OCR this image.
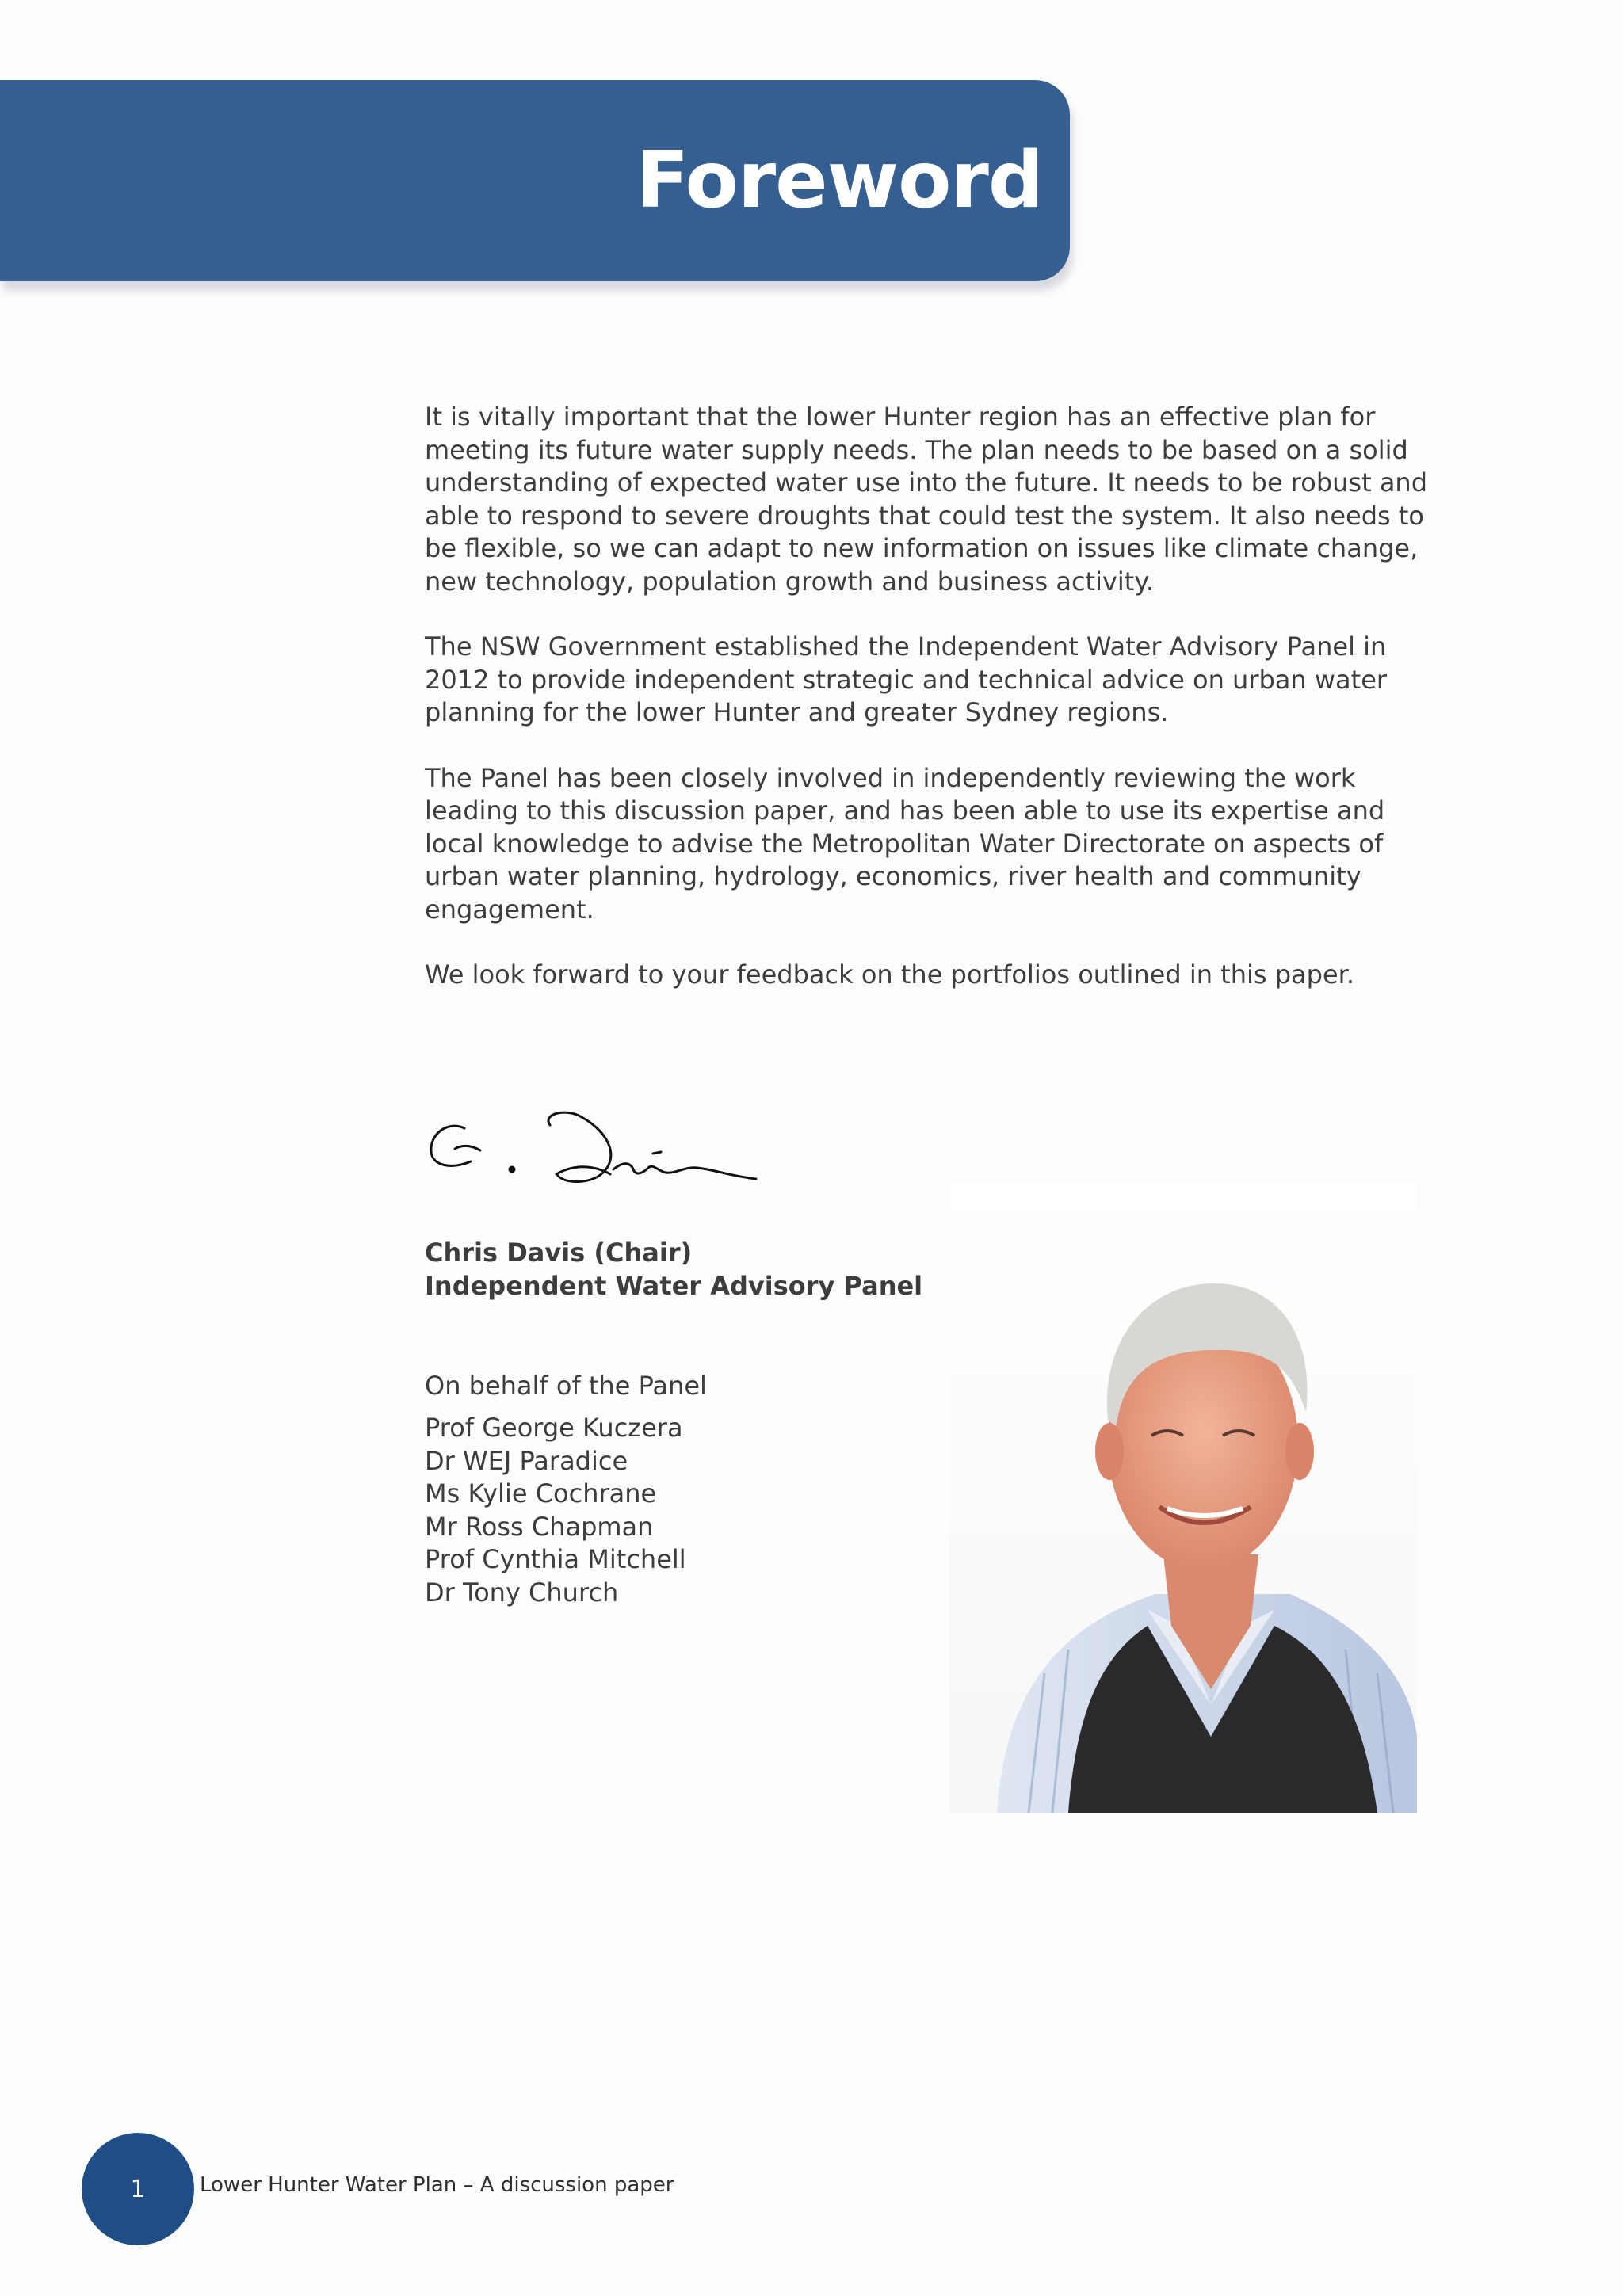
Foreword

It is vitally important that the lower Hunter region has an effective plan for meeting its future water supply needs. The plan needs to be based on a solid understanding of expected water use into the future. It needs to be robust and able to respond to severe droughts that could test the system. It also needs to be flexible, so we can adapt to new information on issues like climate change, new technology, population growth and business activity.

The NSW Government established the Independent Water Advisory Panel in 2012 to provide independent strategic and technical advice on urban water planning for the lower Hunter and greater Sydney regions.

The Panel has been closely involved in independently reviewing the work leading to this discussion paper, and has been able to use its expertise and local knowledge to advise the Metropolitan Water Directorate on aspects of urban water planning, hydrology, economics, river health and community engagement.

We look forward to your feedback on the portfolios outlined in this paper.

Chris Davis (Chair)
Independent Water Advisory Panel
On behalf of the Panel
Prof George Kuczera
Dr WEJ Paradice
Ms Kylie Cochrane
Mr Ross Chapman
Prof Cynthia Mitchell
Dr Tony Church
1	Lower Hunter Water Plan – A discussion paper
